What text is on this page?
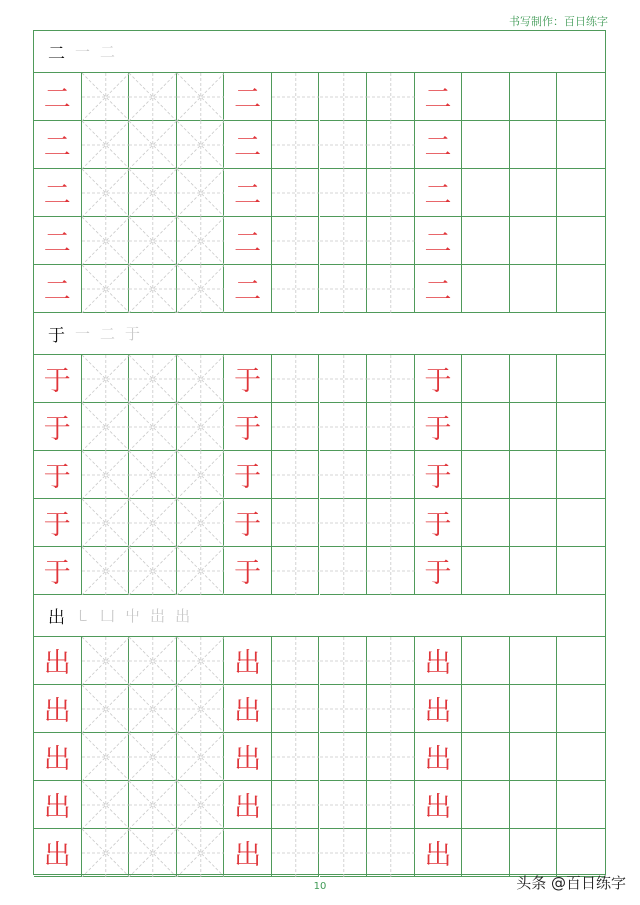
书写制作：百日练字
二 一 二
二	二	二
二	二	二
二	二	二
二	二	二
二	二	二
于 一 二 于
于	于	于
于	于	于
于	于	于
于	于	于
于	于	于
出 ㇄ 凵 屮 岀 出
出	出	出
出	出	出
出	出	出
出	出	出
出	出	出
10	头条 @百日练字
